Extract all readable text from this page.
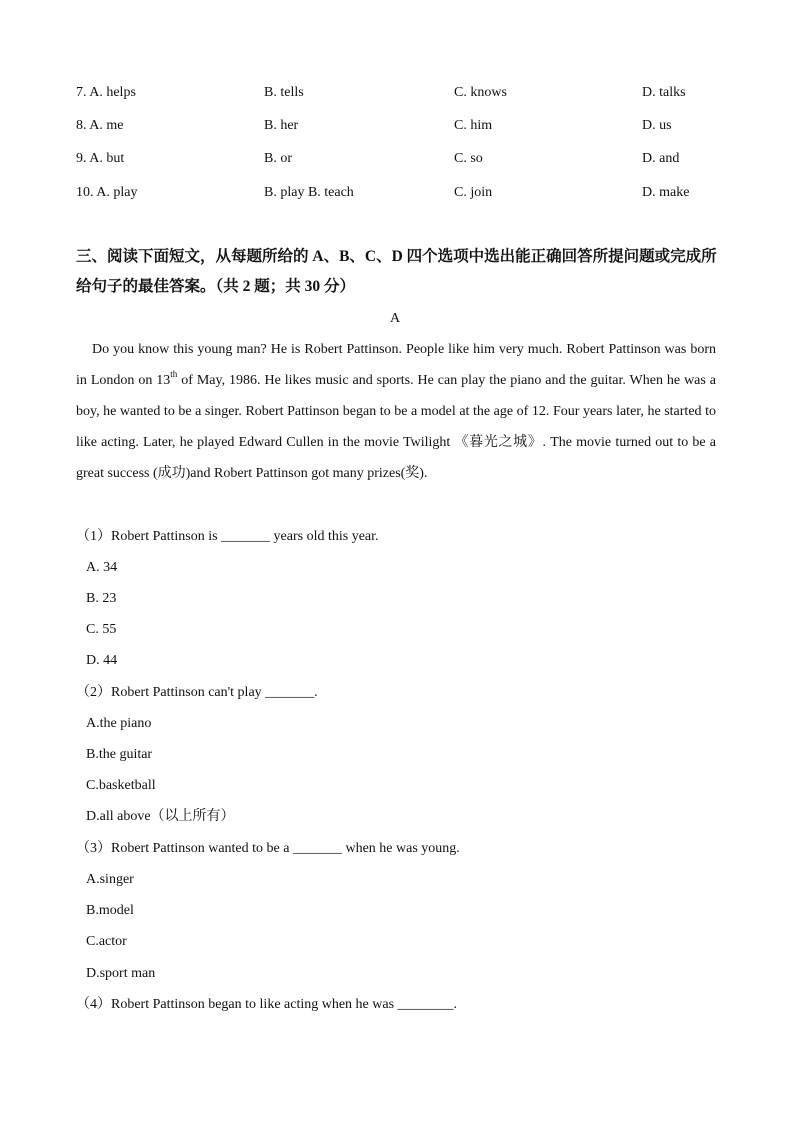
7. A. helps	B. tells	C. knows	D. talks
8. A. me	B. her	C. him	D. us
9. A. but	B. or	C. so	D. and
10. A. play	B. play B. teach	C. join	D. make
三、阅读下面短文，从每题所给的 A、B、C、D 四个选项中选出能正确回答所提问题或完成所给句子的最佳答案。（共 2 题；共 30 分）
A
Do you know this young man? He is Robert Pattinson. People like him very much. Robert Pattinson was born in London on 13th of May, 1986. He likes music and sports. He can play the piano and the guitar. When he was a boy, he wanted to be a singer. Robert Pattinson began to be a model at the age of 12. Four years later, he started to like acting. Later, he played Edward Cullen in the movie Twilight 《暮光之城》. The movie turned out to be a great success (成功)and Robert Pattinson got many prizes(奖).
（1）Robert Pattinson is _______ years old this year.
A. 34
B. 23
C. 55
D. 44
（2）Robert Pattinson can't play _______.
A.the piano
B.the guitar
C.basketball
D.all above（以上所有）
（3）Robert Pattinson wanted to be a _______ when he was young.
A.singer
B.model
C.actor
D.sport man
（4）Robert Pattinson began to like acting when he was ________.
